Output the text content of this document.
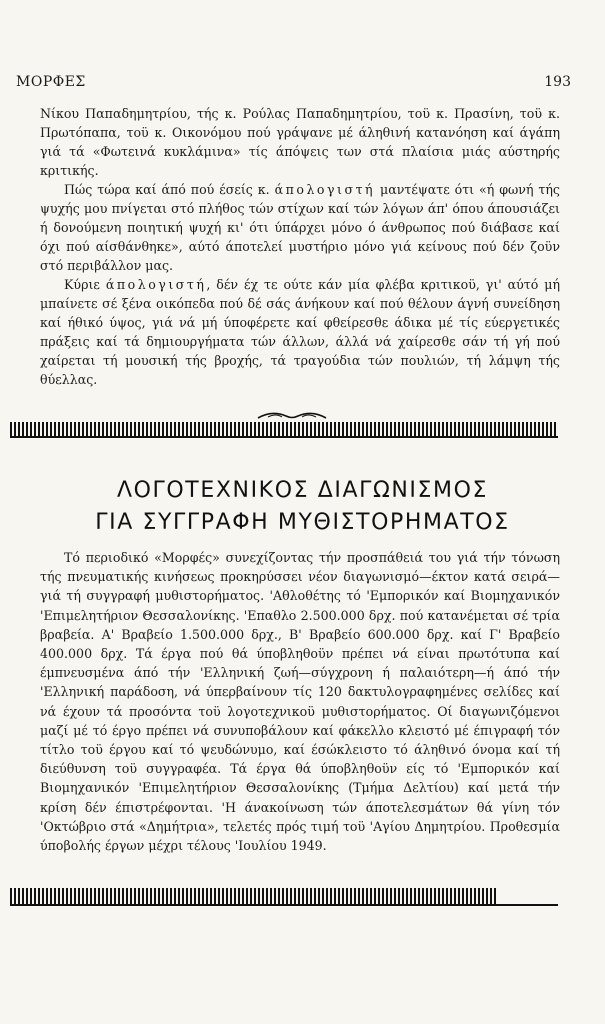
ΜΟΡΦΕΣ	193

Νίκου Παπαδημητρίου, τής κ. Ρούλας Παπαδημητρίου, τοϋ κ. Πρασίνη, τοϋ κ. Πρωτόπαπα, τοϋ κ. Οικονόμου πού γράψανε μέ άληθινή κατανόηση καί άγάπη γιά τά «Φωτεινά κυκλάμινα» τίς άπόψεις των στά πλαίσια μιάς αύστηρής κριτικής.

Πώς τώρα καί άπό πού έσείς κ. άπολογιστή μαντέψατε ότι «ή φωνή τής ψυχής μου πνίγεται στό πλήθος τών στίχων καί τών λόγων άπ' όπου άπουσιάζει ή δονούμενη ποιητική ψυχή κι' ότι ύπάρχει μόνο ό άνθρωπος πού διάβασε καί όχι πού αίσθάνθηκε», αύτό άποτελεί μυστήριο μόνο γιά κείνους πού δέν ζοϋν στό περιβάλλον μας.

Κύριε άπολογιστή, δέν έχ τε ούτε κάν μία φλέβα κριτικοϋ, γι' αύτό μή μπαίνετε σέ ξένα οικόπεδα πού δέ σάς άνήκουν καί πού θέλουν άγνή συνείδηση καί ήθικό ύψος, γιά νά μή ύποφέρετε καί φθείρεσθε άδικα μέ τίς εύεργετικές πράξεις καί τά δημιουργήματα τών άλλων, άλλά νά χαίρεσθε σάν τή γή πού χαίρεται τή μουσική τής βροχής, τά τραγούδια τών πουλιών, τή λάμψη τής θύελλας.

ΛΟΓΟΤΕΧΝΙΚΟΣ ΔΙΑΓΩΝΙΣΜΟΣ
ΓΙΑ ΣΥΓΓΡΑΦΗ ΜΥΘΙΣΤΟΡΗΜΑΤΟΣ

Τό περιοδικό «Μορφές» συνεχίζοντας τήν προσπάθειά του γιά τήν τόνωση τής πνευματικής κινήσεως προκηρύσσει νέον διαγωνισμό—έκτον κατά σειρά—γιά τή συγγραφή μυθιστορήματος. 'Αθλοθέτης τό 'Εμπορικόν καί Βιομηχανικόν 'Επιμελητήριον Θεσσαλονίκης. 'Επαθλο 2.500.000 δρχ. πού κατανέμεται σέ τρία βραβεία. Α' Βραβείο 1.500.000 δρχ., Β' Βραβείο 600.000 δρχ. καί Γ' Βραβείο 400.000 δρχ. Τά έργα πού θά ύποβληθοϋν πρέπει νά είναι πρωτότυπα καί έμπνευσμένα άπό τήν 'Ελληνική ζωή—σύγχρονη ή παλαιότερη—ή άπό τήν 'Ελληνική παράδοση, νά ύπερβαίνουν τίς 120 δακτυλογραφημένες σελίδες καί νά έχουν τά προσόντα τοϋ λογοτεχνικοϋ μυθιστορήματος. Οί διαγωνιζόμενοι μαζί μέ τό έργο πρέπει νά συνυποβάλουν καί φάκελλο κλειστό μέ έπιγραφή τόν τίτλο τοϋ έργου καί τό ψευδώνυμο, καί έσώκλειστο τό άληθινό όνομα καί τή διεύθυνση τοϋ συγγραφέα. Τά έργα θά ύποβληθοϋν είς τό 'Εμπορικόν καί Βιομηχανικόν 'Επιμελητήριον Θεσσαλονίκης (Τμήμα Δελτίου) καί μετά τήν κρίση δέν έπιστρέφονται. 'Η άνακοίνωση τών άποτελεσμάτων θά γίνη τόν 'Οκτώβριο στά «Δημήτρια», τελετές πρός τιμή τοϋ 'Αγίου Δημητρίου. Προθεσμία ύποβολής έργων μέχρι τέλους 'Ιουλίου 1949.
